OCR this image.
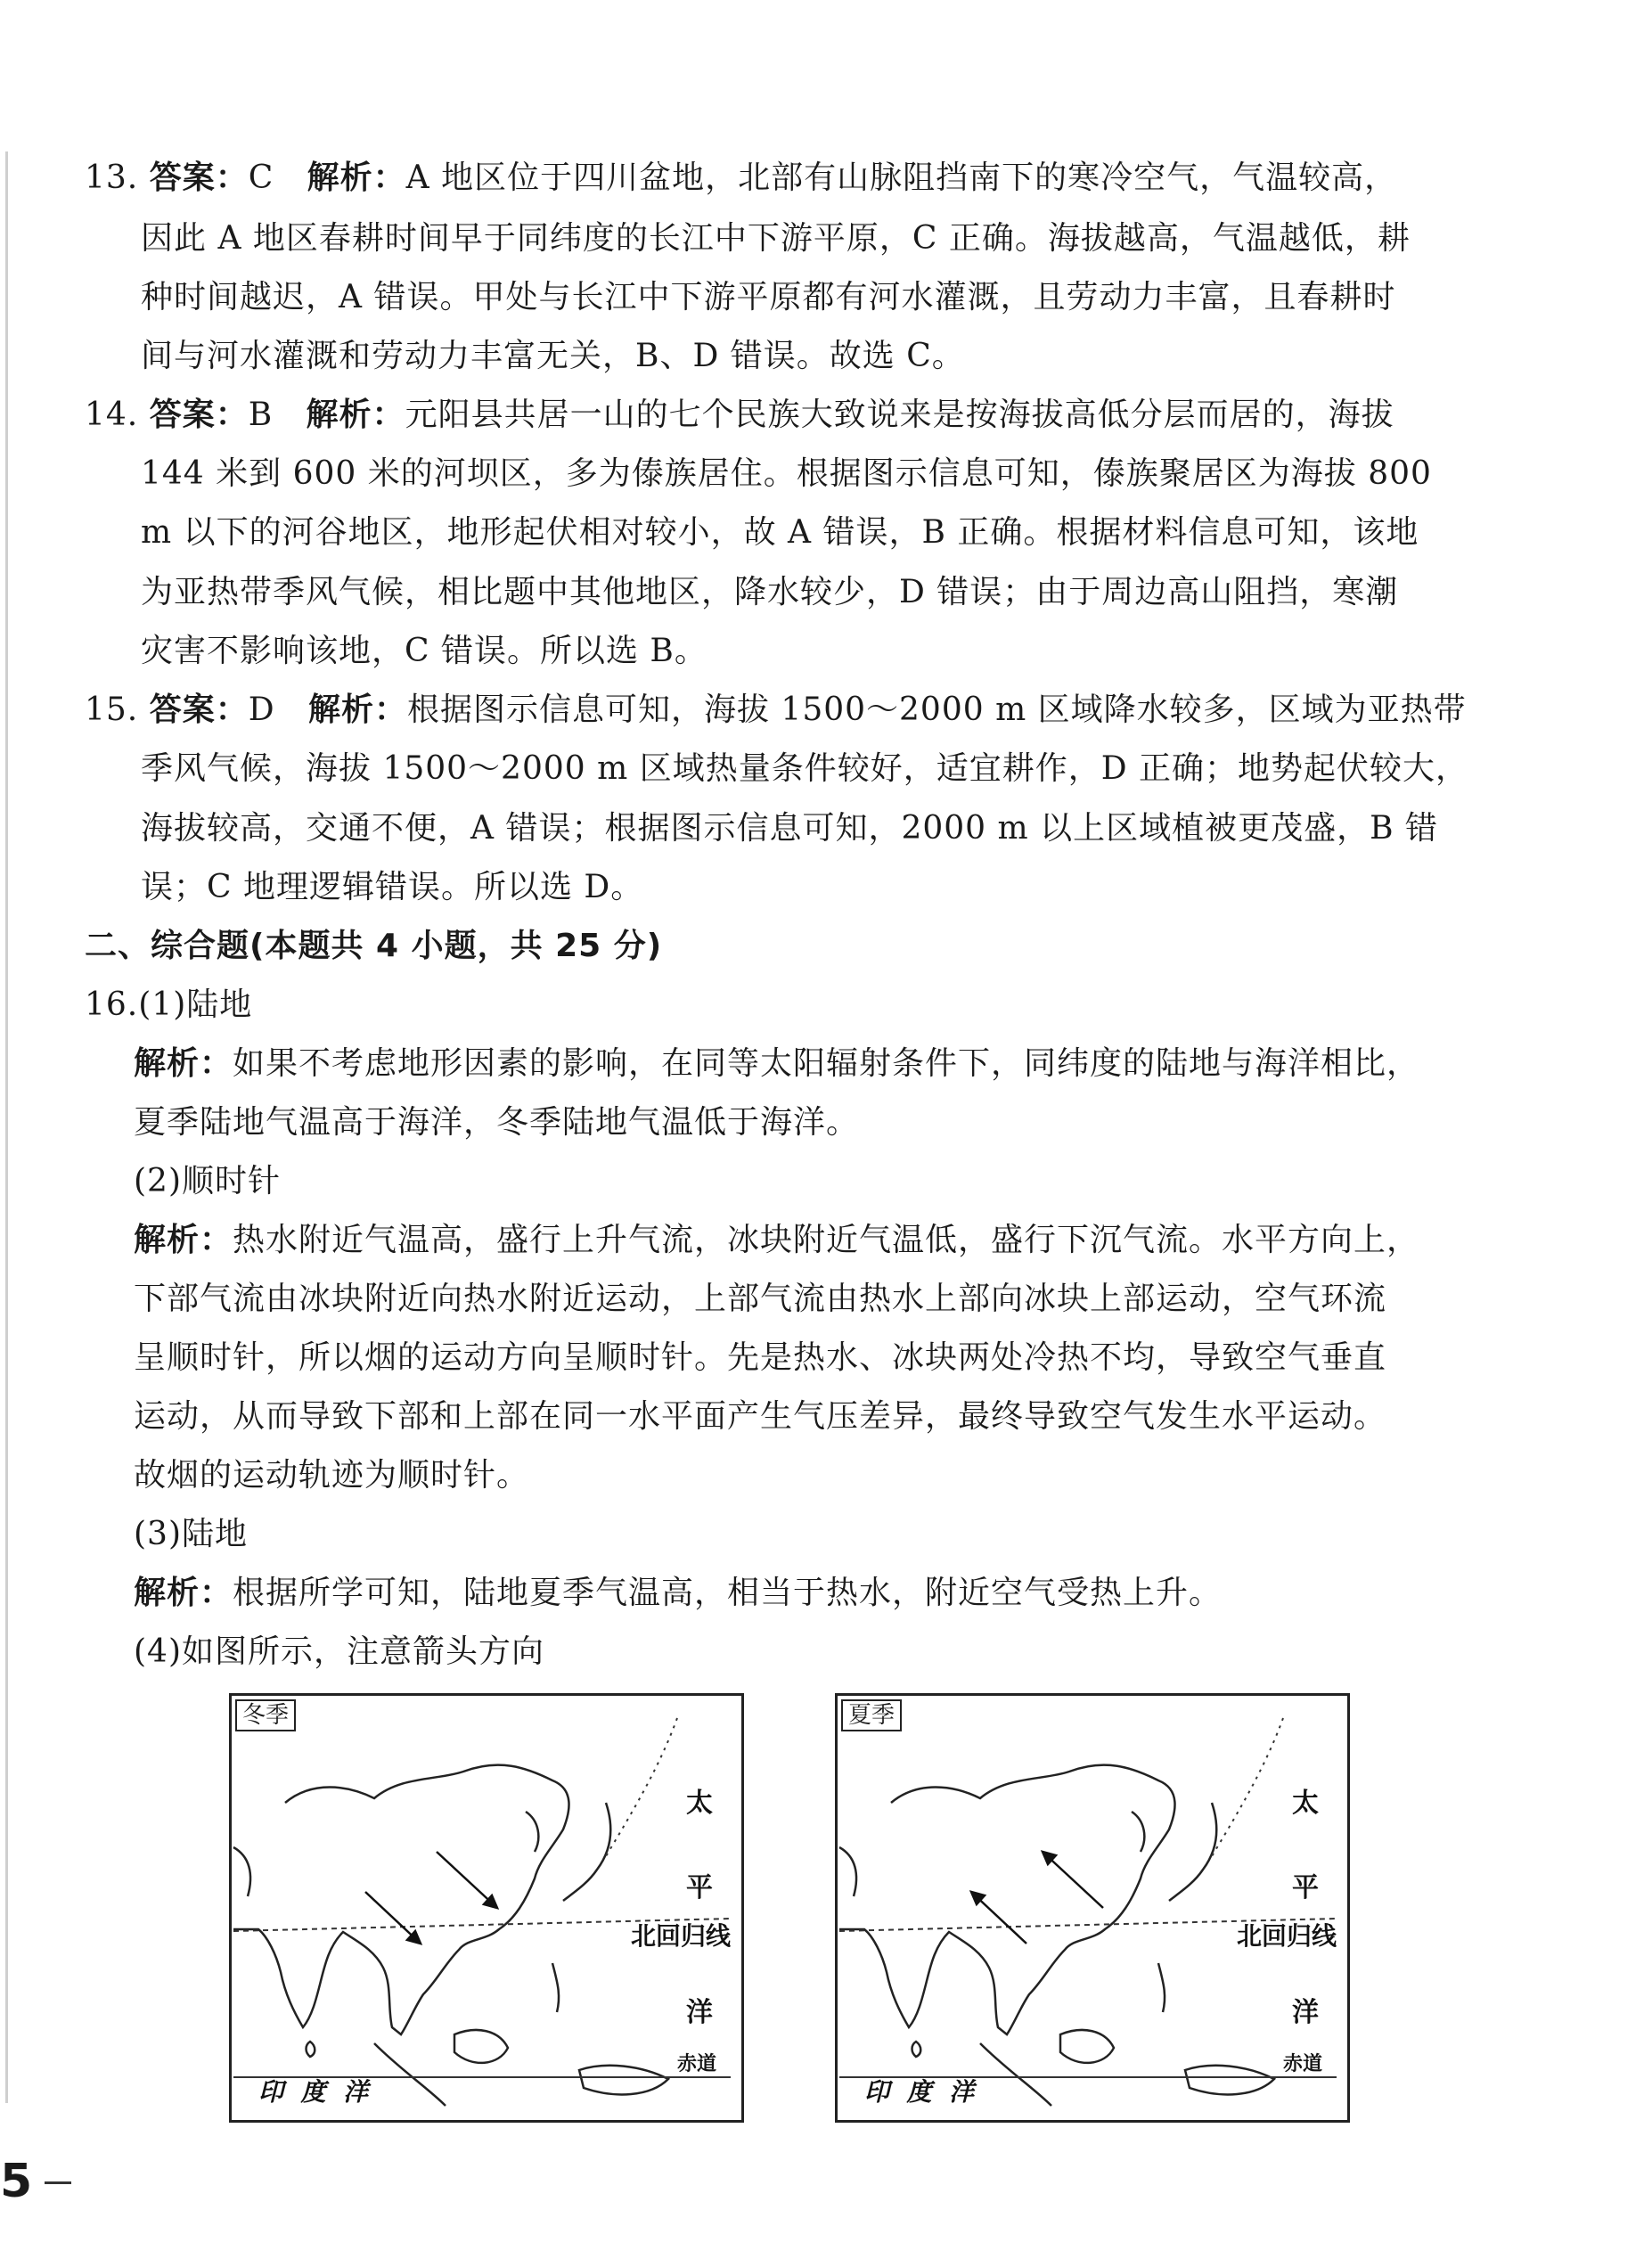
13. 答案：C 解析：A 地区位于四川盆地，北部有山脉阻挡南下的寒冷空气，气温较高，
因此 A 地区春耕时间早于同纬度的长江中下游平原，C 正确。海拔越高，气温越低，耕
种时间越迟，A 错误。甲处与长江中下游平原都有河水灌溉，且劳动力丰富，且春耕时
间与河水灌溉和劳动力丰富无关，B、D 错误。故选 C。
14. 答案：B 解析：元阳县共居一山的七个民族大致说来是按海拔高低分层而居的，海拔
144 米到 600 米的河坝区，多为傣族居住。根据图示信息可知，傣族聚居区为海拔 800
m 以下的河谷地区，地形起伏相对较小，故 A 错误，B 正确。根据材料信息可知，该地
为亚热带季风气候，相比题中其他地区，降水较少，D 错误；由于周边高山阻挡，寒潮
灾害不影响该地，C 错误。所以选 B。
15. 答案：D 解析：根据图示信息可知，海拔 1500～2000 m 区域降水较多，区域为亚热带
季风气候，海拔 1500～2000 m 区域热量条件较好，适宜耕作，D 正确；地势起伏较大，
海拔较高，交通不便，A 错误；根据图示信息可知，2000 m 以上区域植被更茂盛，B 错
误；C 地理逻辑错误。所以选 D。
二、综合题(本题共 4 小题，共 25 分)
16.(1)陆地
解析：如果不考虑地形因素的影响，在同等太阳辐射条件下，同纬度的陆地与海洋相比，
夏季陆地气温高于海洋，冬季陆地气温低于海洋。
(2)顺时针
解析：热水附近气温高，盛行上升气流，冰块附近气温低，盛行下沉气流。水平方向上，
下部气流由冰块附近向热水附近运动，上部气流由热水上部向冰块上部运动，空气环流
呈顺时针，所以烟的运动方向呈顺时针。先是热水、冰块两处冷热不均，导致空气垂直
运动，从而导致下部和上部在同一水平面产生气压差异，最终导致空气发生水平运动。
故烟的运动轨迹为顺时针。
(3)陆地
解析：根据所学可知，陆地夏季气温高，相当于热水，附近空气受热上升。
(4)如图所示，注意箭头方向
冬季
太
平
洋
北回归线
赤道
印  度  洋
夏季
太
平
洋
北回归线
赤道
印  度  洋
5
